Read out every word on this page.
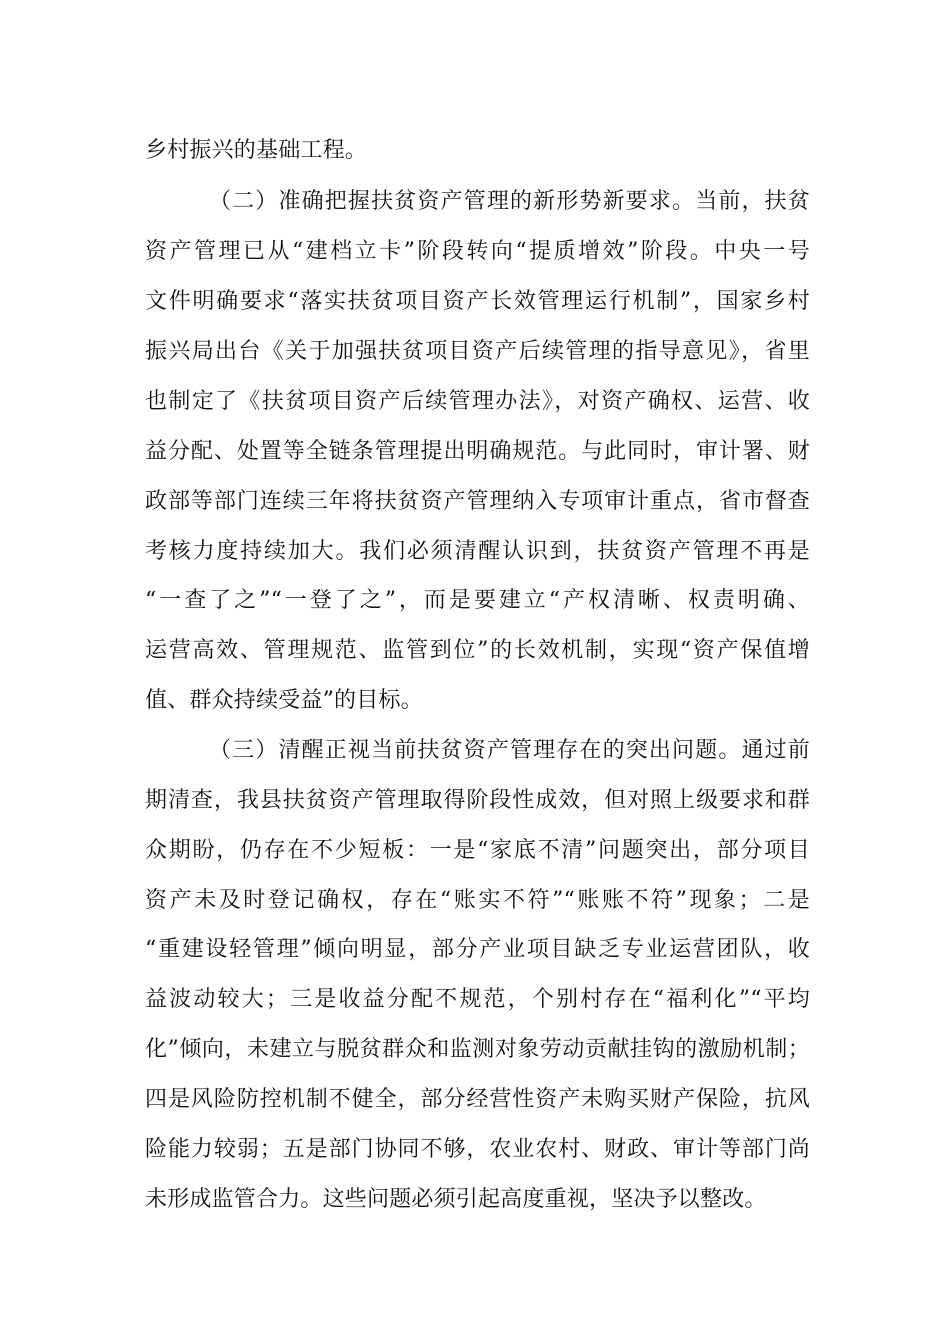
乡村振兴的基础工程。
（二）准确把握扶贫资产管理的新形势新要求。当前，扶贫
资产管理已从“建档立卡”阶段转向“提质增效”阶段。中央一号
文件明确要求“落实扶贫项目资产长效管理运行机制”，国家乡村
振兴局出台《关于加强扶贫项目资产后续管理的指导意见》，省里
也制定了《扶贫项目资产后续管理办法》，对资产确权、运营、收
益分配、处置等全链条管理提出明确规范。与此同时，审计署、财
政部等部门连续三年将扶贫资产管理纳入专项审计重点，省市督查
考核力度持续加大。我们必须清醒认识到，扶贫资产管理不再是
“一查了之”“一登了之”，而是要建立“产权清晰、权责明确、
运营高效、管理规范、监管到位”的长效机制，实现“资产保值增
值、群众持续受益”的目标。
（三）清醒正视当前扶贫资产管理存在的突出问题。通过前
期清查，我县扶贫资产管理取得阶段性成效，但对照上级要求和群
众期盼，仍存在不少短板：一是“家底不清”问题突出，部分项目
资产未及时登记确权，存在“账实不符”“账账不符”现象；二是
“重建设轻管理”倾向明显，部分产业项目缺乏专业运营团队，收
益波动较大；三是收益分配不规范，个别村存在“福利化”“平均
化”倾向，未建立与脱贫群众和监测对象劳动贡献挂钩的激励机制；
四是风险防控机制不健全，部分经营性资产未购买财产保险，抗风
险能力较弱；五是部门协同不够，农业农村、财政、审计等部门尚
未形成监管合力。这些问题必须引起高度重视，坚决予以整改。
